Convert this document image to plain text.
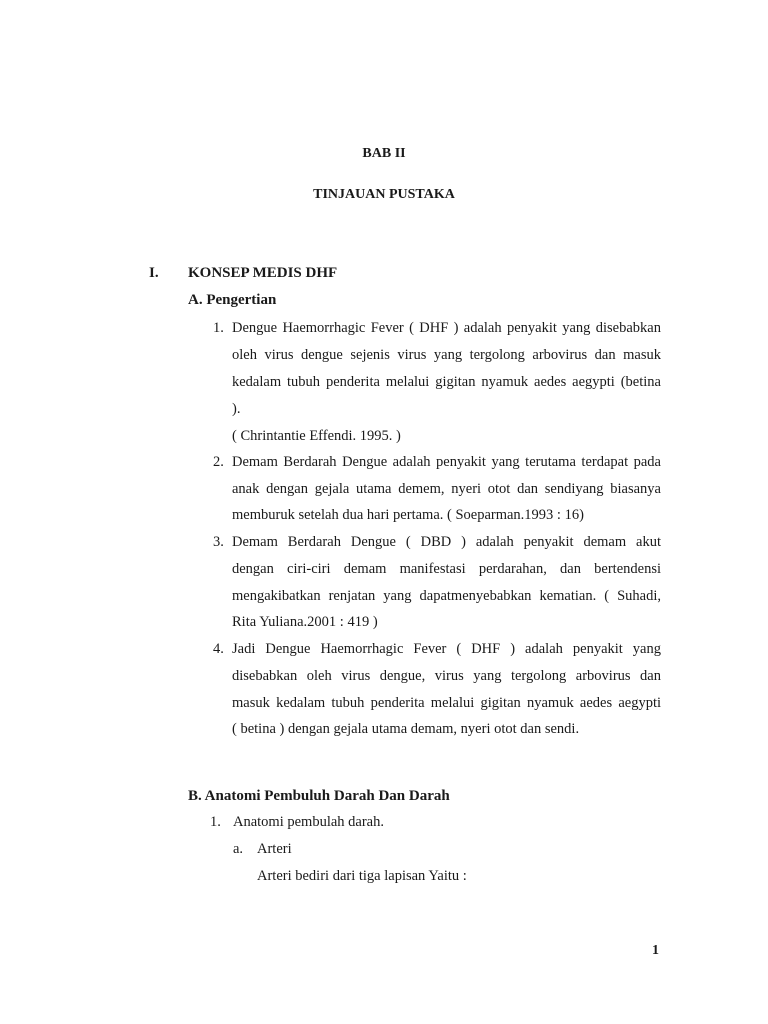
BAB II
TINJAUAN PUSTAKA
I. KONSEP MEDIS DHF
A. Pengertian
1. Dengue Haemorrhagic Fever ( DHF ) adalah penyakit yang disebabkan
oleh virus dengue sejenis virus yang tergolong arbovirus dan masuk
kedalam tubuh penderita melalui gigitan nyamuk aedes aegypti (betina
).
( Chrintantie Effendi. 1995. )
2. Demam Berdarah Dengue adalah penyakit yang terutama terdapat pada
anak dengan gejala utama demem, nyeri otot dan sendiyang biasanya
memburuk setelah dua hari pertama. ( Soeparman.1993 : 16)
3. Demam Berdarah Dengue ( DBD ) adalah penyakit demam akut
dengan ciri-ciri demam manifestasi perdarahan, dan bertendensi
mengakibatkan renjatan yang dapatmenyebabkan kematian. ( Suhadi,
Rita Yuliana.2001 : 419 )
4. Jadi Dengue Haemorrhagic Fever ( DHF ) adalah penyakit yang
disebabkan oleh virus dengue, virus yang tergolong arbovirus dan
masuk kedalam tubuh penderita melalui gigitan nyamuk aedes aegypti
( betina ) dengan gejala utama demam, nyeri otot dan sendi.
B. Anatomi Pembuluh Darah Dan Darah
1. Anatomi pembulah darah.
a. Arteri
Arteri bediri dari tiga lapisan Yaitu :
1
